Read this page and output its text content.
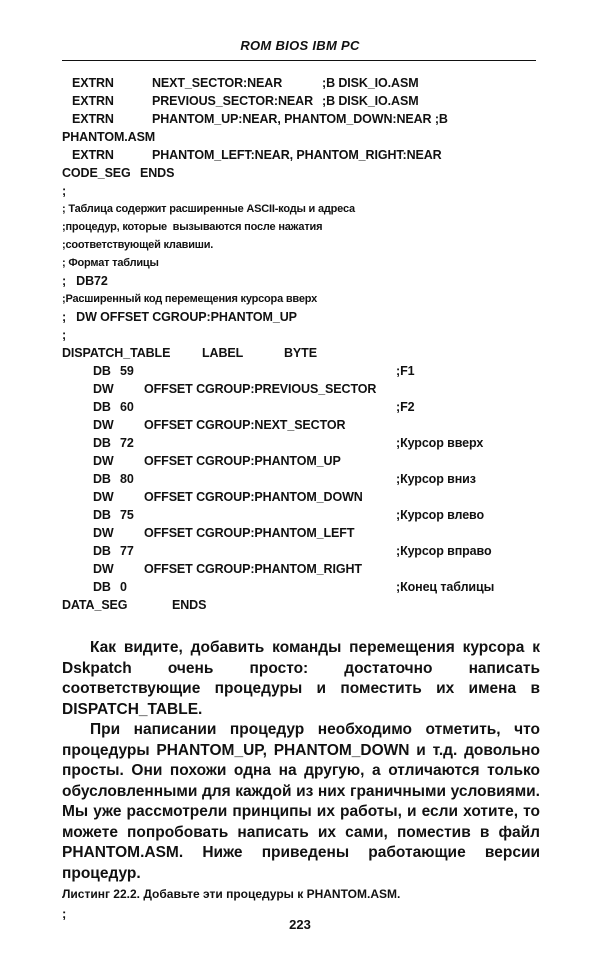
ROM BIOS IBM PC
EXTRN	NEXT_SECTOR:NEAR	;B DISK_IO.ASM
EXTRN	PREVIOUS_SECTOR:NEAR ;B DISK_IO.ASM
EXTRN	PHANTOM_UP:NEAR, PHANTOM_DOWN:NEAR ;B
PHANTOM.ASM
EXTRN	PHANTOM_LEFT:NEAR, PHANTOM_RIGHT:NEAR
CODE_SEG ENDS
;
; Таблица содержит расширенные ASCII-коды и адреса
;процедур, которые  вызываются после нажатия
;соответствующей клавиши.
; Формат таблицы
;   DB72
;Расширенный код перемещения курсора вверх
;   DW OFFSET CGROUP:PHANTOM_UP
;
DISPATCH_TABLE	LABEL	BYTE
DB 59	;F1
DW OFFSET CGROUP:PREVIOUS_SECTOR
DB 60	;F2
DW OFFSET CGROUP:NEXT_SECTOR
DB 72	;Курсор вверх
DW OFFSET CGROUP:PHANTOM_UP
DB 80	;Курсор вниз
DW OFFSET CGROUP:PHANTOM_DOWN
DB 75	;Курсор влево
DW OFFSET CGROUP:PHANTOM_LEFT
DB 77	;Курсор вправо
DW OFFSET CGROUP:PHANTOM_RIGHT
DB 0	;Конец таблицы
DATA_SEG	ENDS

Как видите, добавить команды перемещения курсора к Dskpatch очень просто: достаточно написать соответствующие процедуры и поместить их имена в DISPATCH_TABLE.

При написании процедур необходимо отметить, что процедуры PHANTOM_UP, PHANTOM_DOWN и т.д. довольно просты. Они похожи одна на другую, а отличаются только обусловленными для каждой из них граничными условиями. Мы уже рассмотрели принципы их работы, и если хотите, то можете попробовать написать их сами, поместив в файл PHANTOM.ASM. Ниже приведены работающие версии процедур.

Листинг 22.2. Добавьте эти процедуры к PHANTOM.ASM.
;
223
